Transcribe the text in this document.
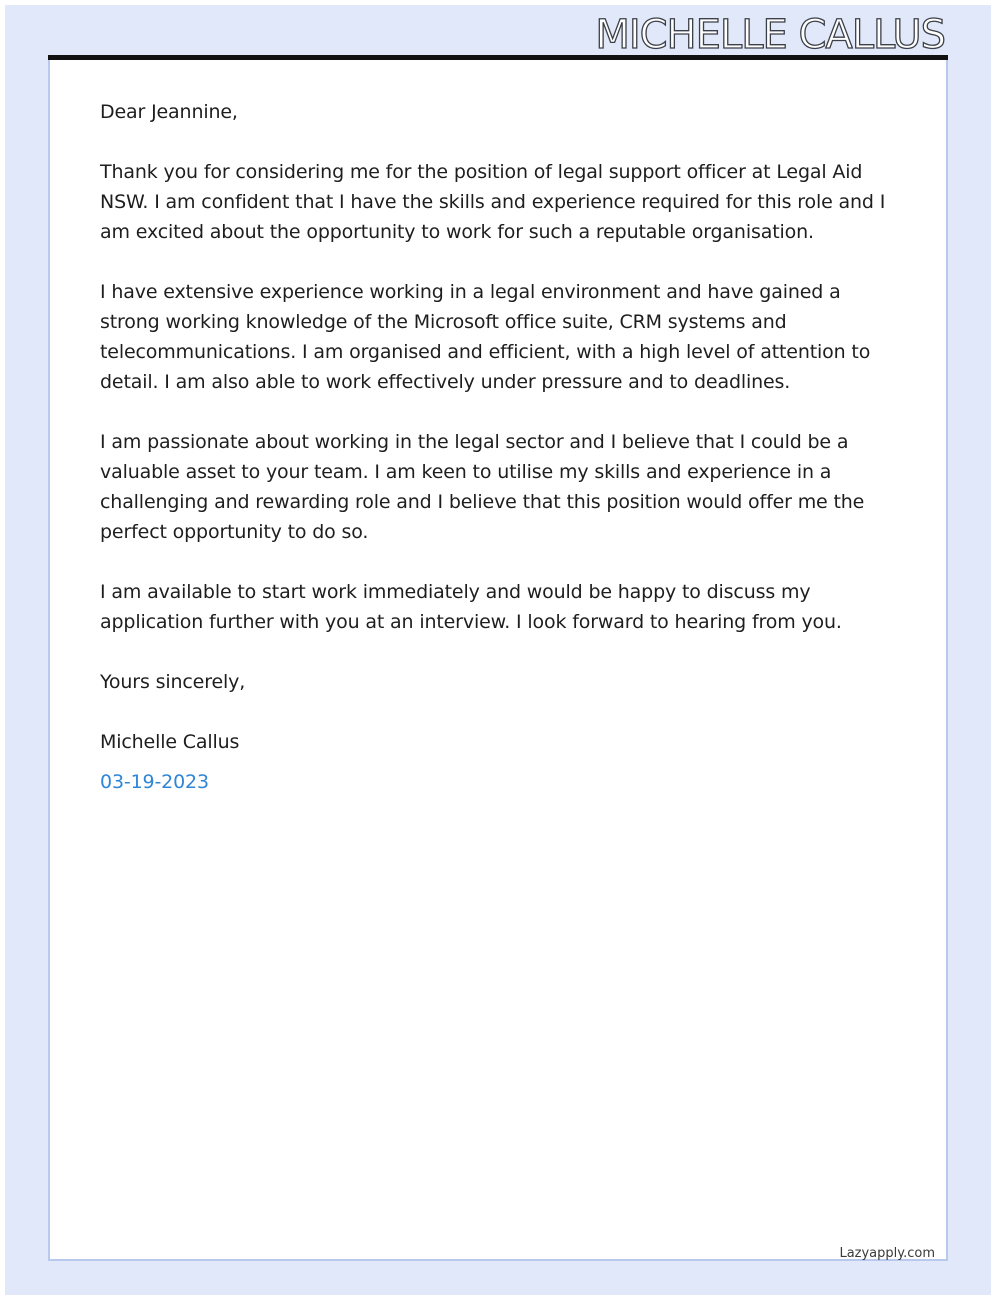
MICHELLE CALLUS

Dear Jeannine,

Thank you for considering me for the position of legal support officer at Legal Aid NSW. I am confident that I have the skills and experience required for this role and I am excited about the opportunity to work for such a reputable organisation.

I have extensive experience working in a legal environment and have gained a strong working knowledge of the Microsoft office suite, CRM systems and telecommunications. I am organised and efficient, with a high level of attention to detail. I am also able to work effectively under pressure and to deadlines.

I am passionate about working in the legal sector and I believe that I could be a valuable asset to your team. I am keen to utilise my skills and experience in a challenging and rewarding role and I believe that this position would offer me the perfect opportunity to do so.

I am available to start work immediately and would be happy to discuss my application further with you at an interview. I look forward to hearing from you.

Yours sincerely,

Michelle Callus

03-19-2023

Lazyapply.com
